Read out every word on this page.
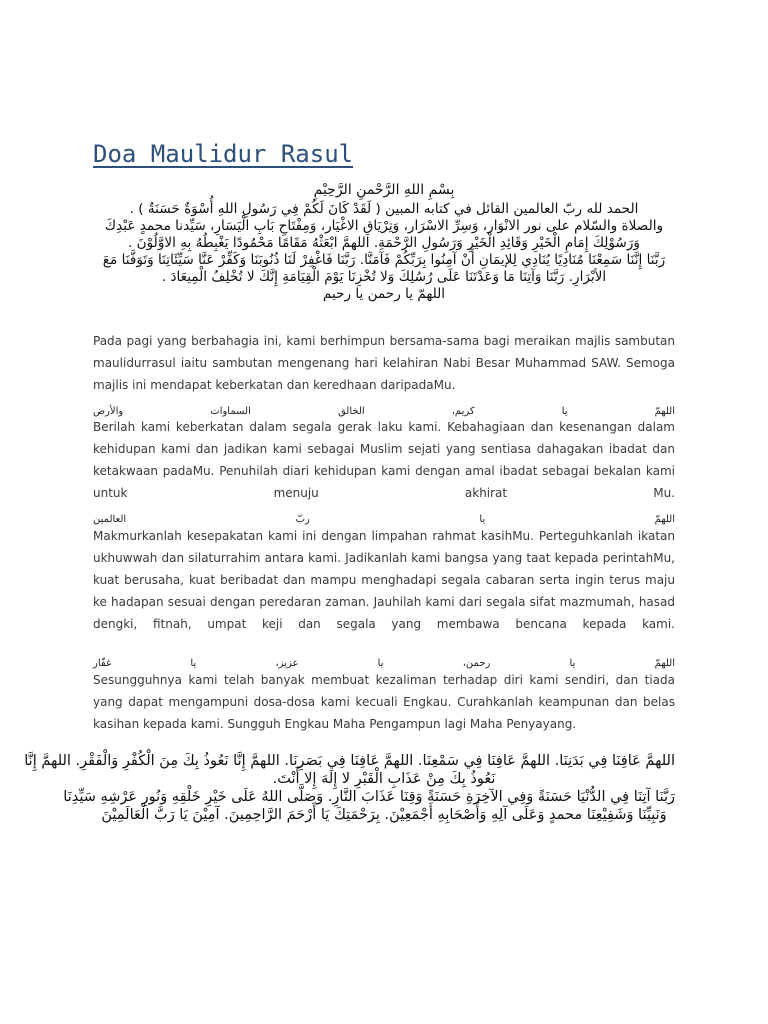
Doa Maulidur Rasul
بِسْمِ اللهِ الرَّحْمنِ الرَّحِيْمِ
الحمد لله ربّ العالمين القائل في كتابه المبين ( لَقَدْ كَانَ لَكُمْ فِي رَسُولِ اللهِ أُسْوَةٌ حَسَنَةٌ ) .
والصلاة والسّلام على نور الانْوَار، وَسِرِّ الاسْرَار، وَتِرْيَاقِ الاغْيَار، وَمِفْتَاحِ بَابِ الْيَسَارِ، سَيِّدنا محمدٍ عَبْدِكَ
وَرَسُوْلِكَ إِمَامِ الْخَيْرِ وَقَائِدِ الْخَيْرِ وَرَسُولِ الرَّحْمَةِ. اللهمَّ ابْعَثْهُ مَقَامًا مَحْمُودًا يَغْبِطُهُ بِهِ الاوَّلُوْنَ .
رَبَّنَا إِنَّنَا سَمِعْنَا مُنَادِيًا يُنَادِي لِلإيمَانِ أَنْ آمِنُوا بِرَبِّكُمْ فَآمَنَّا. رَبَّنَا فَاغْفِرْ لَنَا ذُنُوبَنَا وَكَفِّرْ عَنَّا سَيِّئَاتِنَا وَتَوَفَّنَا مَعَ
الأبْرَارِ. رَبَّنَا وَآتِنَا مَا وَعَدْتَنَا عَلَى رُسُلِكَ وَلا تُخْزِنَا يَوْمَ الْقِيَامَةِ إِنَّكَ لا تُخْلِفُ الْمِيعَادَ .
اللهمّ يا رحمن يا رحيم
Pada pagi yang berbahagia ini, kami berhimpun bersama-sama bagi meraikan majlis sambutan maulidurrasul iaitu sambutan mengenang hari kelahiran Nabi Besar Muhammad SAW. Semoga majlis ini mendapat keberkatan dan keredhaan daripadaMu.
اللهمّ
يا
كريم،
الخالق
السماوات
والأرض
Berilah kami keberkatan dalam segala gerak laku kami. Kebahagiaan dan kesenangan dalam kehidupan kami dan jadikan kami sebagai Muslim sejati yang sentiasa dahagakan ibadat dan ketakwaan padaMu. Penuhilah diari kehidupan kami dengan amal ibadat sebagai bekalan kami untuk menuju akhirat Mu.
اللهمّ
يا
ربّ
العالمين
Makmurkanlah kesepakatan kami ini dengan limpahan rahmat kasihMu. Perteguhkanlah ikatan ukhuwwah dan silaturrahim antara kami. Jadikanlah kami bangsa yang taat kepada perintahMu, kuat berusaha, kuat beribadat dan mampu menghadapi segala cabaran serta ingin terus maju ke hadapan sesuai dengan peredaran zaman. Jauhilah kami dari segala sifat mazmumah, hasad dengki, fitnah, umpat keji dan segala yang membawa bencana kepada kami.
اللهمّ
يا
رحمن،
يا
عزيز،
يا
غفّار
Sesungguhnya kami telah banyak membuat kezaliman terhadap diri kami sendiri, dan tiada yang dapat mengampuni dosa-dosa kami kecuali Engkau. Curahkanlah keampunan dan belas kasihan kepada kami. Sungguh Engkau Maha Pengampun lagi Maha Penyayang.
اللهمَّ عَافِنَا فِي بَدَنِنَا. اللهمَّ عَافِنَا فِي سَمْعِنَا. اللهمَّ عَافِنَا فِي بَصَرِنَا. اللهمَّ إِنَّا نَعُوذُ بِكَ مِنَ الْكُفْرِ وَالْفَقْرِ. اللهمَّ إِنَّا
نَعُوذُ بِكَ مِنْ عَذَابِ الْقَبْرِ لا إِلَهَ إِلا أَنْتَ.
رَبَّنَا آتِنَا فِي الدُّنْيَا حَسَنَةً وَفِي الآخِرَةِ حَسَنَةً وَقِنَا عَذَابَ النَّارِ. وَصَلَّى اللهُ عَلَى خَيْرِ خَلْقِهِ وَنُورِ عَرْشِهِ سَيِّدِنَا
وَنَبِيِّنَا وَشَفِيْعِنَا محمدٍ وَعَلَى آلِهِ وَأَصْحَابِهِ أَجْمَعِيْنَ. بِرَحْمَتِكَ يَا أَرْحَمَ الرَّاحِمِينَ. آمِيْنَ يَا رَبَّ الْعَالَمِيْنَ
